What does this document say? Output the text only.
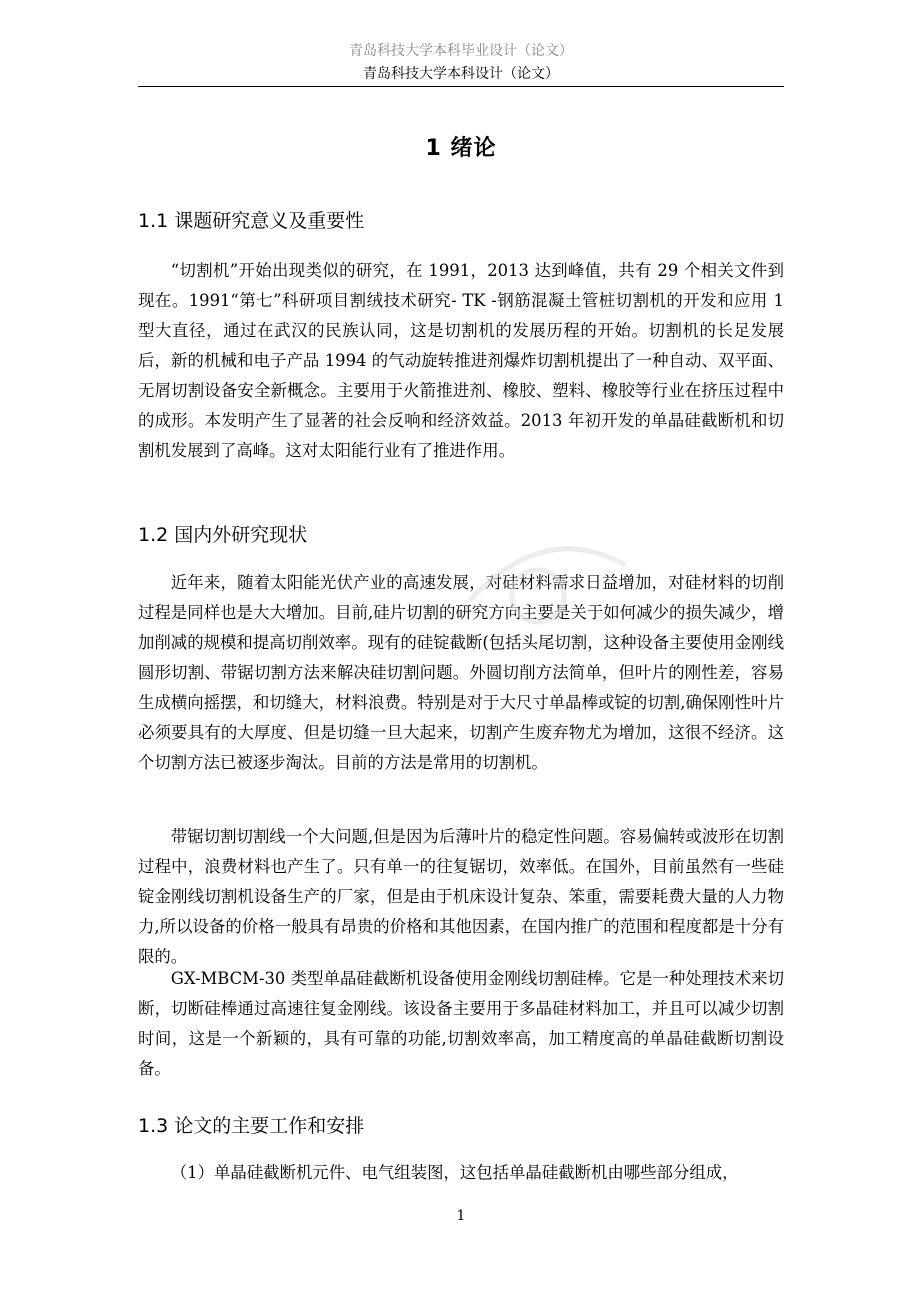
青岛科技大学本科毕业设计（论文）
青岛科技大学本科设计（论文）
1 绪论
1.1 课题研究意义及重要性
“切割机”开始出现类似的研究，在 1991，2013 达到峰值，共有 29 个相关文件到现在。1991“第七”科研项目割绒技术研究- TK -钢筋混凝土管桩切割机的开发和应用 1 型大直径，通过在武汉的民族认同，这是切割机的发展历程的开始。切割机的长足发展后，新的机械和电子产品 1994 的气动旋转推进剂爆炸切割机提出了一种自动、双平面、无屑切割设备安全新概念。主要用于火箭推进剂、橡胶、塑料、橡胶等行业在挤压过程中的成形。本发明产生了显著的社会反响和经济效益。2013 年初开发的单晶硅截断机和切割机发展到了高峰。这对太阳能行业有了推进作用。
1.2 国内外研究现状
近年来，随着太阳能光伏产业的高速发展，对硅材料需求日益增加，对硅材料的切削过程是同样也是大大增加。目前,硅片切割的研究方向主要是关于如何减少的损失减少，增加削减的规模和提高切削效率。现有的硅锭截断(包括头尾切割，这种设备主要使用金刚线圆形切割、带锯切割方法来解决硅切割问题。外圆切削方法简单，但叶片的刚性差，容易生成横向摇摆，和切缝大，材料浪费。特别是对于大尺寸单晶棒或锭的切割,确保刚性叶片必须要具有的大厚度、但是切缝一旦大起来，切割产生废弃物尤为增加，这很不经济。这个切割方法已被逐步淘汰。目前的方法是常用的切割机。
带锯切割切割线一个大问题,但是因为后薄叶片的稳定性问题。容易偏转或波形在切割过程中，浪费材料也产生了。只有单一的往复锯切，效率低。在国外，目前虽然有一些硅锭金刚线切割机设备生产的厂家，但是由于机床设计复杂、笨重，需要耗费大量的人力物力,所以设备的价格一般具有昂贵的价格和其他因素，在国内推广的范围和程度都是十分有限的。
GX-MBCM-30 类型单晶硅截断机设备使用金刚线切割硅棒。它是一种处理技术来切断，切断硅棒通过高速往复金刚线。该设备主要用于多晶硅材料加工，并且可以减少切割时间，这是一个新颖的，具有可靠的功能,切割效率高，加工精度高的单晶硅截断切割设备。
1.3 论文的主要工作和安排
（1）单晶硅截断机元件、电气组装图，这包括单晶硅截断机由哪些部分组成，
1
